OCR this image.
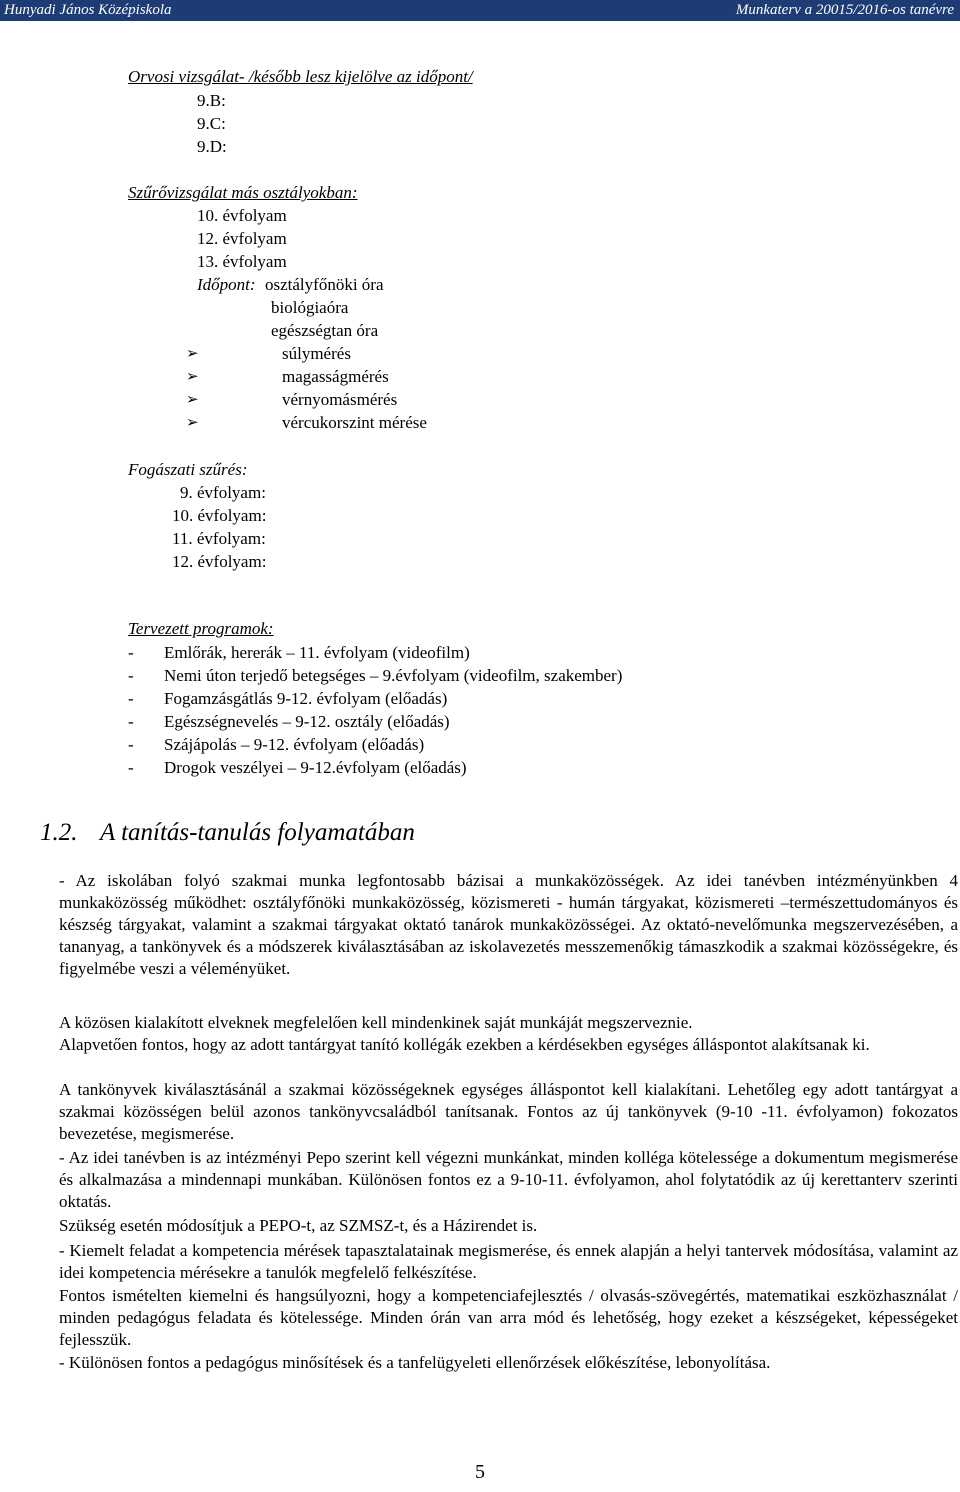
Hunyadi János Középiskola	Munkaterv a 20015/2016-os tanévre
Orvosi vizsgálat- /később lesz kijelölve az időpont/
9.B:
9.C:
9.D:
Szűrővizsgálat más osztályokban:
10. évfolyam
12. évfolyam
13. évfolyam
Időpont: osztályfőnöki óra
biológiaóra
egészségtan óra
➢	súlymérés
➢	magasságmérés
➢	vérnyomásmérés
➢	vércukorszint mérése
Fogászati szűrés:
9. évfolyam:
10. évfolyam:
11. évfolyam:
12. évfolyam:
Tervezett programok:
- Emlőrák, hererák – 11. évfolyam (videofilm)
- Nemi úton terjedő betegséges – 9.évfolyam (videofilm, szakember)
- Fogamzásgátlás 9-12. évfolyam (előadás)
- Egészségnevelés – 9-12. osztály (előadás)
- Szájápolás – 9-12. évfolyam (előadás)
- Drogok veszélyei – 9-12.évfolyam (előadás)
1.2. A tanítás-tanulás folyamatában
- Az iskolában folyó szakmai munka legfontosabb bázisai a munkaközösségek. Az idei tanévben intézményünkben 4 munkaközösség működhet: osztályfőnöki munkaközösség, közismereti - humán tárgyakat, közismereti –természettudományos és készség tárgyakat, valamint a szakmai tárgyakat oktató tanárok munkaközösségei. Az oktató-nevelőmunka megszervezésében, a tananyag, a tankönyvek és a módszerek kiválasztásában az iskolavezetés messzemenőkig támaszkodik a szakmai közösségekre, és figyelmébe veszi a véleményüket.
A közösen kialakított elveknek megfelelően kell mindenkinek saját munkáját megszerveznie.
Alapvetően fontos, hogy az adott tantárgyat tanító kollégák ezekben a kérdésekben egységes álláspontot alakítsanak ki.
A tankönyvek kiválasztásánál a szakmai közösségeknek egységes álláspontot kell kialakítani. Lehetőleg egy adott tantárgyat a szakmai közösségen belül azonos tankönyvcsaládból tanítsanak. Fontos az új tankönyvek (9-10 -11. évfolyamon) fokozatos bevezetése, megismerése.
- Az idei tanévben is az intézményi Pepo szerint kell végezni munkánkat, minden kolléga kötelessége a dokumentum megismerése és alkalmazása a mindennapi munkában. Különösen fontos ez a 9-10-11. évfolyamon, ahol folytatódik az új kerettanterv szerinti oktatás.
Szükség esetén módosítjuk a PEPO-t, az SZMSZ-t, és a Házirendet is.
- Kiemelt feladat a kompetencia mérések tapasztalatainak megismerése, és ennek alapján a helyi tantervek módosítása, valamint az idei kompetencia mérésekre a tanulók megfelelő felkészítése.
Fontos ismételten kiemelni és hangsúlyozni, hogy a kompetenciafejlesztés / olvasás-szövegértés, matematikai eszközhasználat / minden pedagógus feladata és kötelessége. Minden órán van arra mód és lehetőség, hogy ezeket a készségeket, képességeket fejlesszük.
- Különösen fontos a pedagógus minősítések és a tanfelügyeleti ellenőrzések előkészítése, lebonyolítása.
5
